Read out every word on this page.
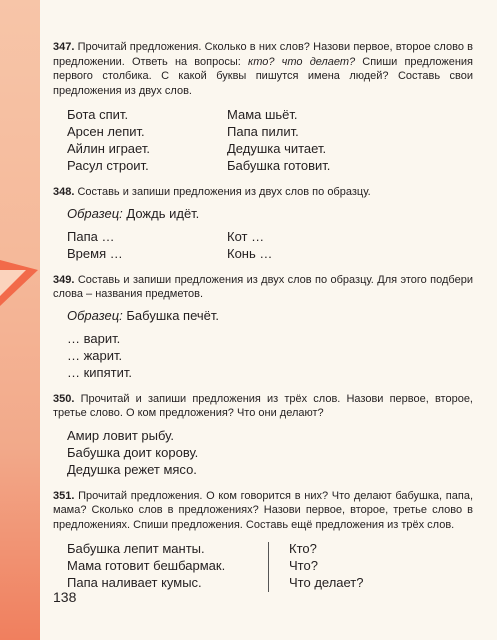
347. Прочитай предложения. Сколько в них слов? Назови первое, второе слово в предложении. Ответь на вопросы: кто? что делает? Спиши предложения первого столбика. С какой буквы пишутся имена людей? Составь свои предложения из двух слов.

Бота спит.
Арсен лепит.
Айлин играет.
Расул строит.
Мама шьёт.
Папа пилит.
Дедушка читает.
Бабушка готовит.

348. Составь и запиши предложения из двух слов по образцу.

Образец: Дождь идёт.
Папа …
Время …
Кот …
Конь …

349. Составь и запиши предложения из двух слов по образцу. Для этого подбери слова – названия предметов.

Образец: Бабушка печёт.
… варит.
… жарит.
… кипятит.

350. Прочитай и запиши предложения из трёх слов. Назови первое, второе, третье слово. О ком предложения? Что они делают?

Амир ловит рыбу.
Бабушка доит корову.
Дедушка режет мясо.

351. Прочитай предложения. О ком говорится в них? Что делают бабушка, папа, мама? Сколько слов в предложениях? Назови первое, второе, третье слово в предложениях. Спиши предложения. Составь ещё предложения из трёх слов.

Бабушка лепит манты.
Мама готовит бешбармак.
Папа наливает кумыс.
Кто?
Что?
Что делает?
138
